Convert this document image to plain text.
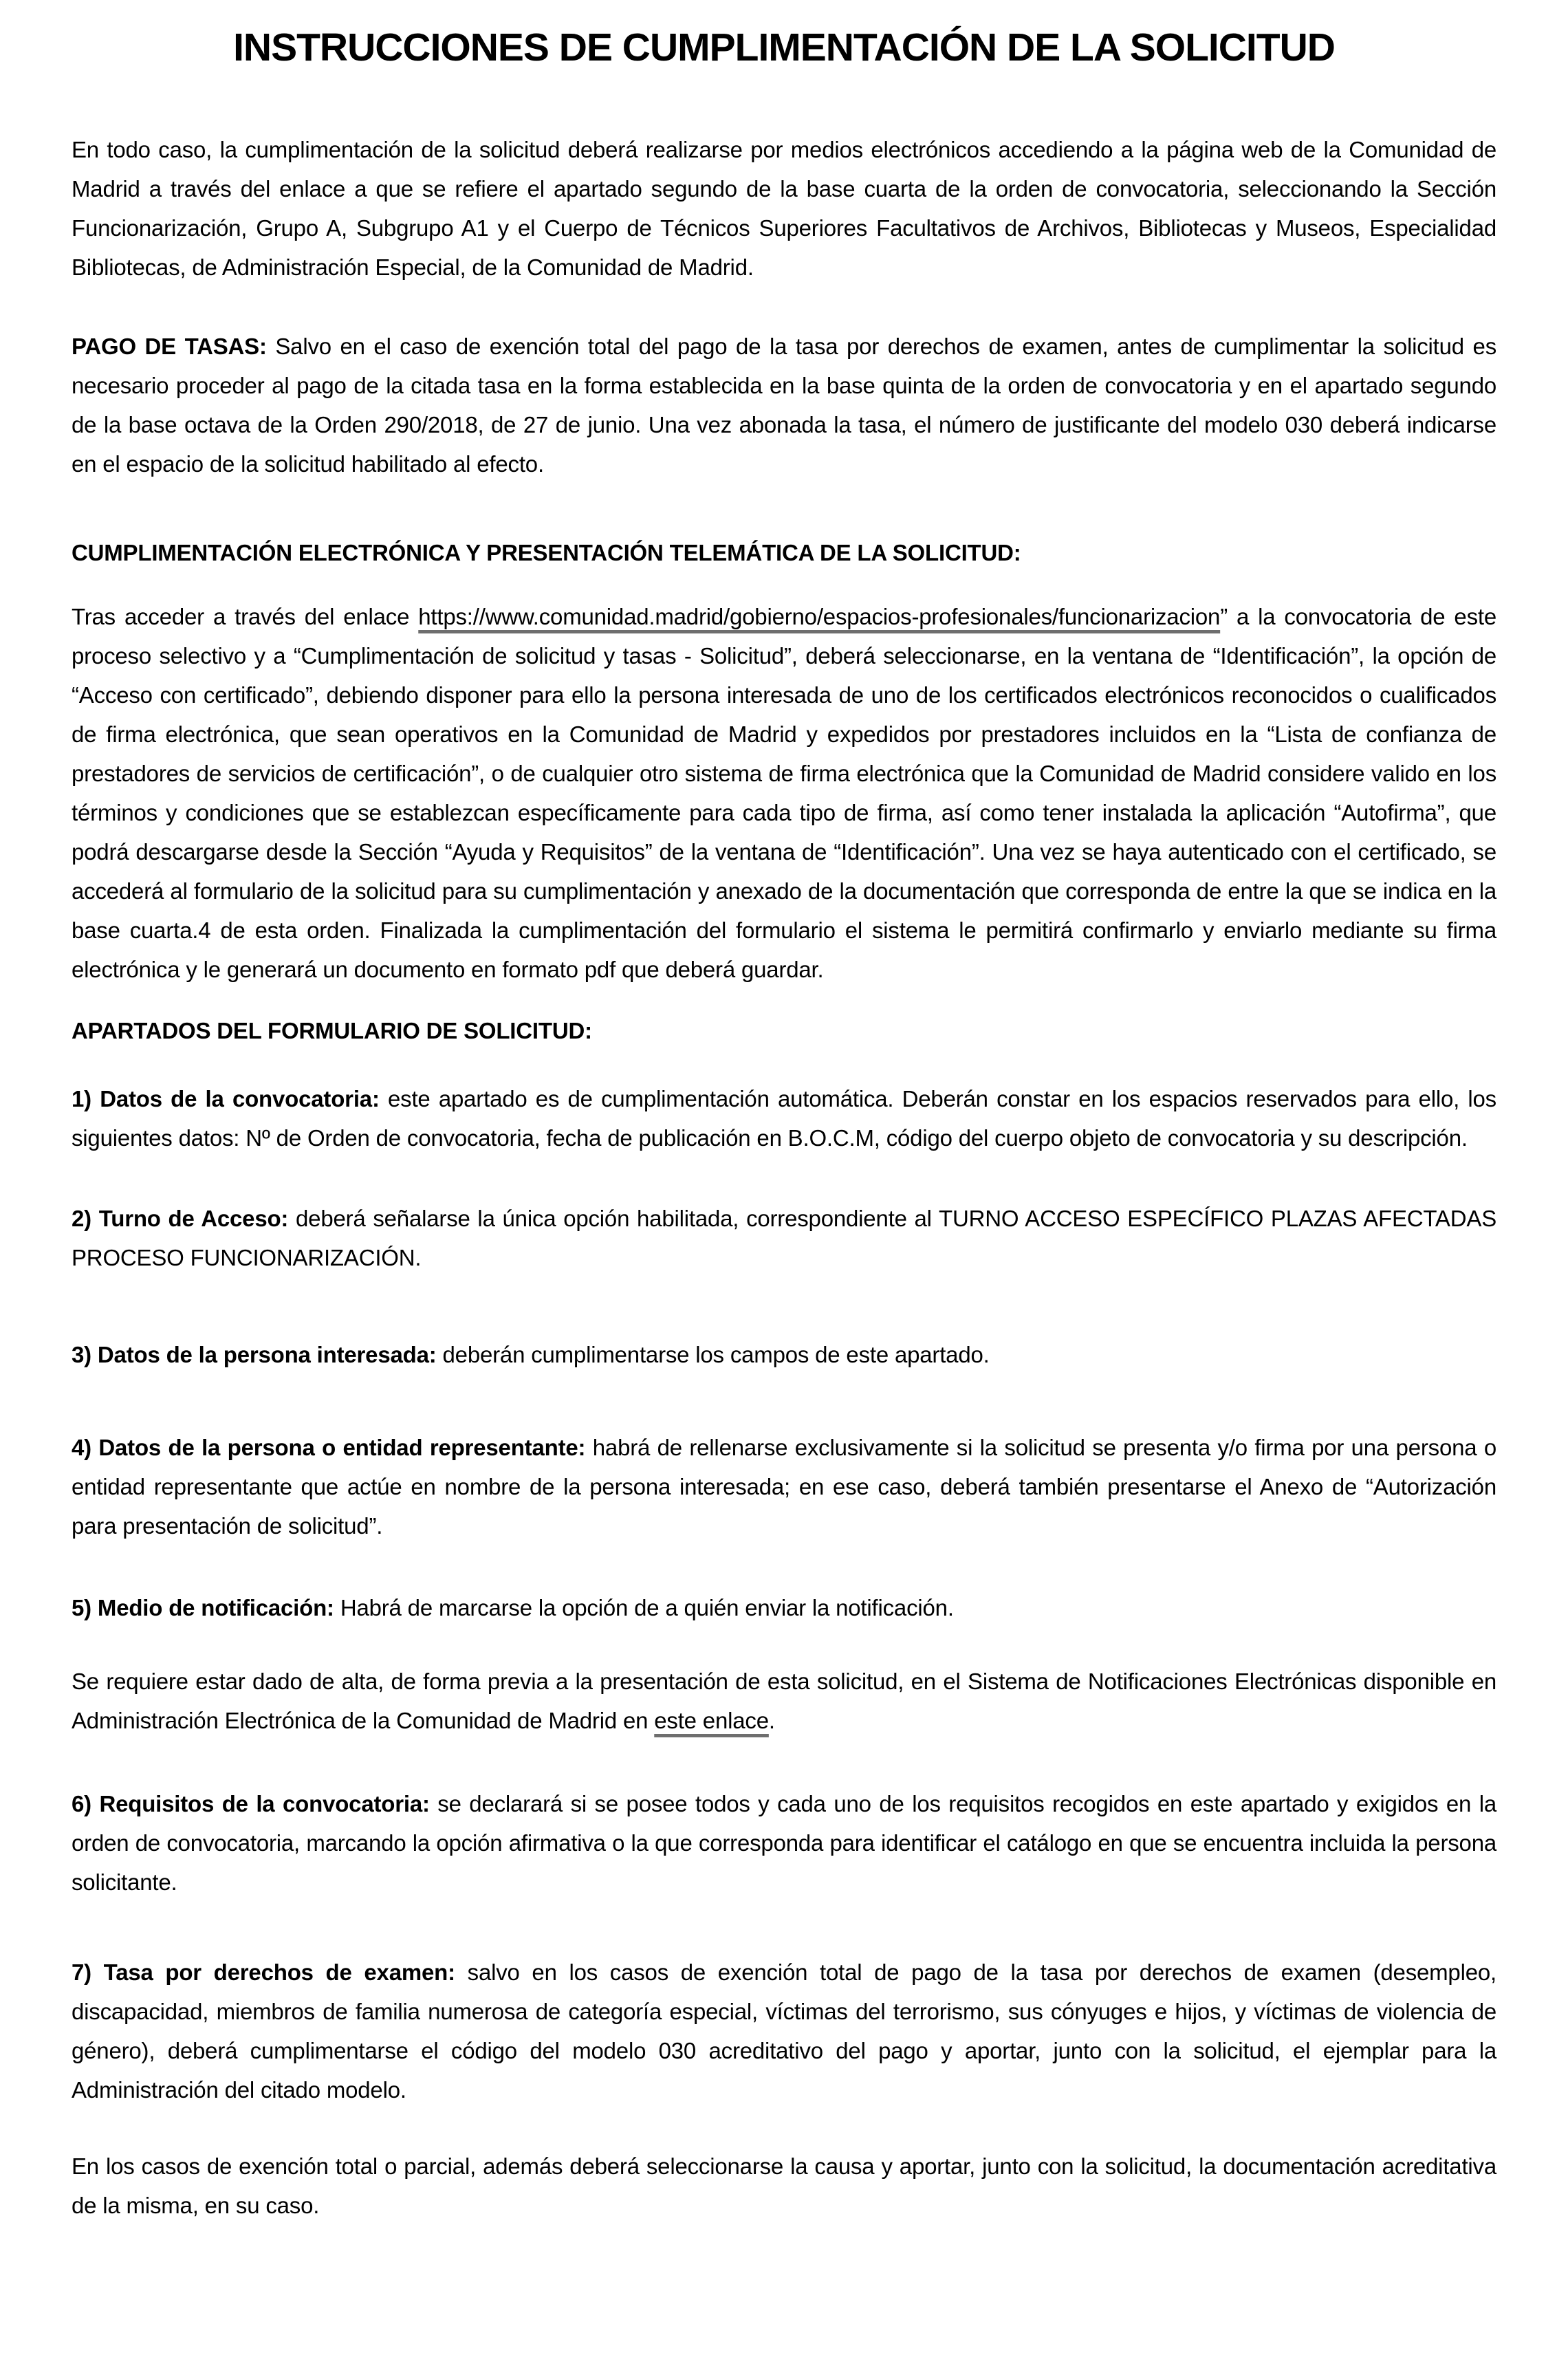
INSTRUCCIONES DE CUMPLIMENTACIÓN DE LA SOLICITUD

En todo caso, la cumplimentación de la solicitud deberá realizarse por medios electrónicos accediendo a la página web de la Comunidad de Madrid a través del enlace a que se refiere el apartado segundo de la base cuarta de la orden de convocatoria, seleccionando la Sección Funcionarización, Grupo A, Subgrupo A1 y el Cuerpo de Técnicos Superiores Facultativos de Archivos, Bibliotecas y Museos, Especialidad Bibliotecas, de Administración Especial, de la Comunidad de Madrid.

PAGO DE TASAS: Salvo en el caso de exención total del pago de la tasa por derechos de examen, antes de cumplimentar la solicitud es necesario proceder al pago de la citada tasa en la forma establecida en la base quinta de la orden de convocatoria y en el apartado segundo de la base octava de la Orden 290/2018, de 27 de junio. Una vez abonada la tasa, el número de justificante del modelo 030 deberá indicarse en el espacio de la solicitud habilitado al efecto.

CUMPLIMENTACIÓN ELECTRÓNICA Y PRESENTACIÓN TELEMÁTICA DE LA SOLICITUD:

Tras acceder a través del enlace https://www.comunidad.madrid/gobierno/espacios-profesionales/funcionarizacion” a la convocatoria de este proceso selectivo y a “Cumplimentación de solicitud y tasas - Solicitud”, deberá seleccionarse, en la ventana de “Identificación”, la opción de “Acceso con certificado”, debiendo disponer para ello la persona interesada de uno de los certificados electrónicos reconocidos o cualificados de firma electrónica, que sean operativos en la Comunidad de Madrid y expedidos por prestadores incluidos en la “Lista de confianza de prestadores de servicios de certificación”, o de cualquier otro sistema de firma electrónica que la Comunidad de Madrid considere valido en los términos y condiciones que se establezcan específicamente para cada tipo de firma, así como tener instalada la aplicación “Autofirma”, que podrá descargarse desde la Sección “Ayuda y Requisitos” de la ventana de “Identificación”. Una vez se haya autenticado con el certificado, se accederá al formulario de la solicitud para su cumplimentación y anexado de la documentación que corresponda de entre la que se indica en la base cuarta.4 de esta orden. Finalizada la cumplimentación del formulario el sistema le permitirá confirmarlo y enviarlo mediante su firma electrónica y le generará un documento en formato pdf que deberá guardar.

APARTADOS DEL FORMULARIO DE SOLICITUD:

1) Datos de la convocatoria: este apartado es de cumplimentación automática. Deberán constar en los espacios reservados para ello, los siguientes datos: Nº de Orden de convocatoria, fecha de publicación en B.O.C.M, código del cuerpo objeto de convocatoria y su descripción.

2) Turno de Acceso: deberá señalarse la única opción habilitada, correspondiente al TURNO ACCESO ESPECÍFICO PLAZAS AFECTADAS PROCESO FUNCIONARIZACIÓN.

3) Datos de la persona interesada: deberán cumplimentarse los campos de este apartado.

4) Datos de la persona o entidad representante: habrá de rellenarse exclusivamente si la solicitud se presenta y/o firma por una persona o entidad representante que actúe en nombre de la persona interesada; en ese caso, deberá también presentarse el Anexo de “Autorización para presentación de solicitud”.

5) Medio de notificación: Habrá de marcarse la opción de a quién enviar la notificación.

Se requiere estar dado de alta, de forma previa a la presentación de esta solicitud, en el Sistema de Notificaciones Electrónicas disponible en Administración Electrónica de la Comunidad de Madrid en este enlace.

6) Requisitos de la convocatoria: se declarará si se posee todos y cada uno de los requisitos recogidos en este apartado y exigidos en la orden de convocatoria, marcando la opción afirmativa o la que corresponda para identificar el catálogo en que se encuentra incluida la persona solicitante.

7) Tasa por derechos de examen: salvo en los casos de exención total de pago de la tasa por derechos de examen (desempleo, discapacidad, miembros de familia numerosa de categoría especial, víctimas del terrorismo, sus cónyuges e hijos, y víctimas de violencia de género), deberá cumplimentarse el código del modelo 030 acreditativo del pago y aportar, junto con la solicitud, el ejemplar para la Administración del citado modelo.

En los casos de exención total o parcial, además deberá seleccionarse la causa y aportar, junto con la solicitud, la documentación acreditativa de la misma, en su caso.
